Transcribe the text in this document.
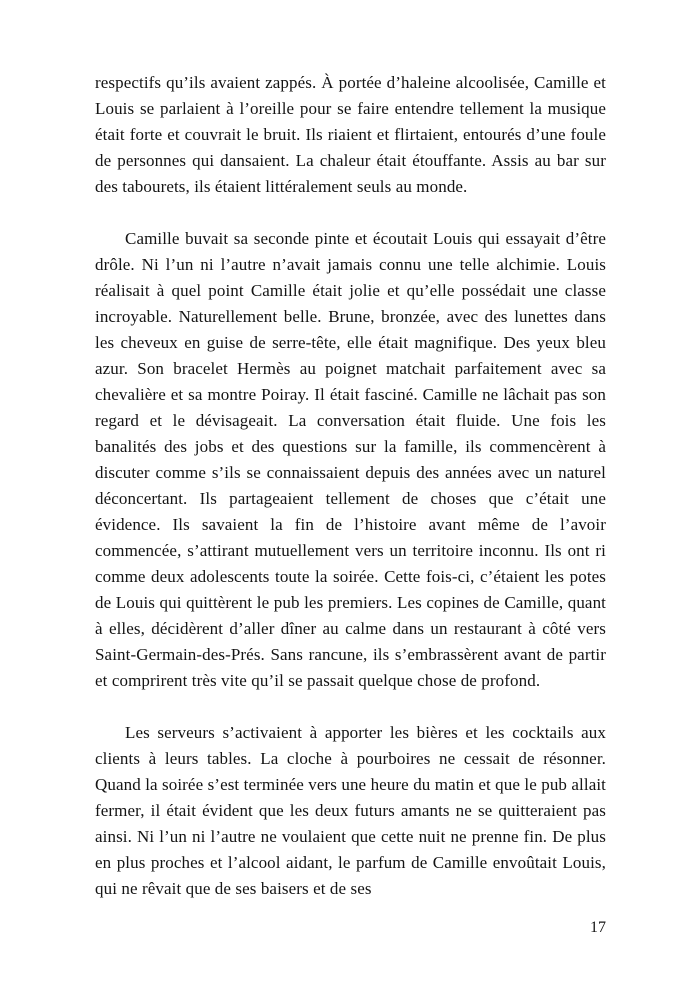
respectifs qu’ils avaient zappés. À portée d’haleine alcoolisée, Camille et Louis se parlaient à l’oreille pour se faire entendre tellement la musique était forte et couvrait le bruit. Ils riaient et flirtaient, entourés d’une foule de personnes qui dansaient. La chaleur était étouffante. Assis au bar sur des tabourets, ils étaient littéralement seuls au monde.

Camille buvait sa seconde pinte et écoutait Louis qui essayait d’être drôle. Ni l’un ni l’autre n’avait jamais connu une telle alchimie. Louis réalisait à quel point Camille était jolie et qu’elle possédait une classe incroyable. Naturellement belle. Brune, bronzée, avec des lunettes dans les cheveux en guise de serre-tête, elle était magnifique. Des yeux bleu azur. Son bracelet Hermès au poignet matchait parfaitement avec sa chevalière et sa montre Poiray. Il était fasciné. Camille ne lâchait pas son regard et le dévisageait. La conversation était fluide. Une fois les banalités des jobs et des questions sur la famille, ils commencèrent à discuter comme s’ils se connaissaient depuis des années avec un naturel déconcertant. Ils partageaient tellement de choses que c’était une évidence. Ils savaient la fin de l’histoire avant même de l’avoir commencée, s’attirant mutuellement vers un territoire inconnu. Ils ont ri comme deux adolescents toute la soirée. Cette fois-ci, c’étaient les potes de Louis qui quittèrent le pub les premiers. Les copines de Camille, quant à elles, décidèrent d’aller dîner au calme dans un restaurant à côté vers Saint-Germain-des-Prés. Sans rancune, ils s’embrassèrent avant de partir et comprirent très vite qu’il se passait quelque chose de profond.

Les serveurs s’activaient à apporter les bières et les cocktails aux clients à leurs tables. La cloche à pourboires ne cessait de résonner. Quand la soirée s’est terminée vers une heure du matin et que le pub allait fermer, il était évident que les deux futurs amants ne se quitteraient pas ainsi. Ni l’un ni l’autre ne voulaient que cette nuit ne prenne fin. De plus en plus proches et l’alcool aidant, le parfum de Camille envoûtait Louis, qui ne rêvait que de ses baisers et de ses

17
